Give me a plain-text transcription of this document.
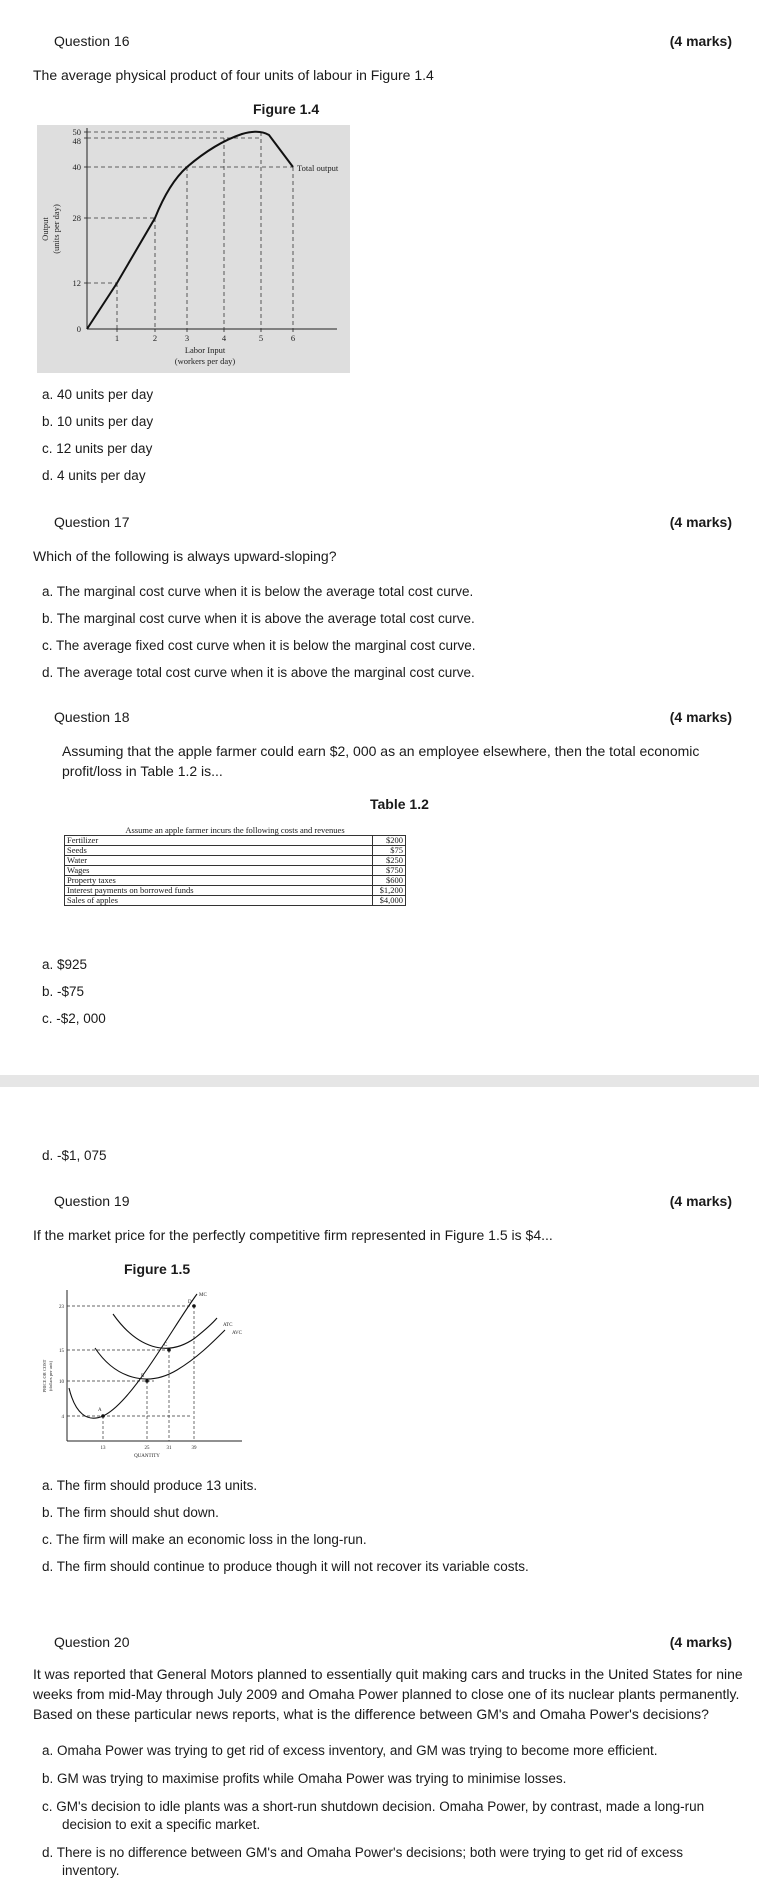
Question 16	(4 marks)
The average physical product of four units of labour in Figure 1.4
Figure 1.4
50
48
40
28
12
0
1	2	3	4	5	6
Labor Input
(workers per day)
Output (units per day)
Total output
a. 40 units per day
b. 10 units per day
c. 12 units per day
d. 4 units per day
Question 17	(4 marks)
Which of the following is always upward-sloping?
a. The marginal cost curve when it is below the average total cost curve.
b. The marginal cost curve when it is above the average total cost curve.
c. The average fixed cost curve when it is below the marginal cost curve.
d. The average total cost curve when it is above the marginal cost curve.
Question 18	(4 marks)
Assuming that the apple farmer could earn $2, 000 as an employee elsewhere, then the total economic
profit/loss in Table 1.2 is...
Table 1.2
Assume an apple farmer incurs the following costs and revenues	
Fertilizer	$200
Seeds	$75
Water	$250
Wages	$750
Property taxes	$600
Interest payments on borrowed funds	$1,200
Sales of apples	$4,000
a. $925
b. -$75
c. -$2, 000
d. -$1, 075
Question 19	(4 marks)
If the market price for the perfectly competitive firm represented in Figure 1.5 is $4...
Figure 1.5
A
B
C
D
MC
ATC
AVC
23
15
10
4
13	25	31	39
QUANTITY
PRICE OR COST (dollars per unit)
a. The firm should produce 13 units.
b. The firm should shut down.
c. The firm will make an economic loss in the long-run.
d. The firm should continue to produce though it will not recover its variable costs.
Question 20	(4 marks)
It was reported that General Motors planned to essentially quit making cars and trucks in the United States for nine
weeks from mid-May through July 2009 and Omaha Power planned to close one of its nuclear plants permanently.
Based on these particular news reports, what is the difference between GM's and Omaha Power's decisions?
a. Omaha Power was trying to get rid of excess inventory, and GM was trying to become more efficient.
b. GM was trying to maximise profits while Omaha Power was trying to minimise losses.
c. GM's decision to idle plants was a short-run shutdown decision. Omaha Power, by contrast, made a long-run
decision to exit a specific market.
d. There is no difference between GM's and Omaha Power's decisions; both were trying to get rid of excess
inventory.
